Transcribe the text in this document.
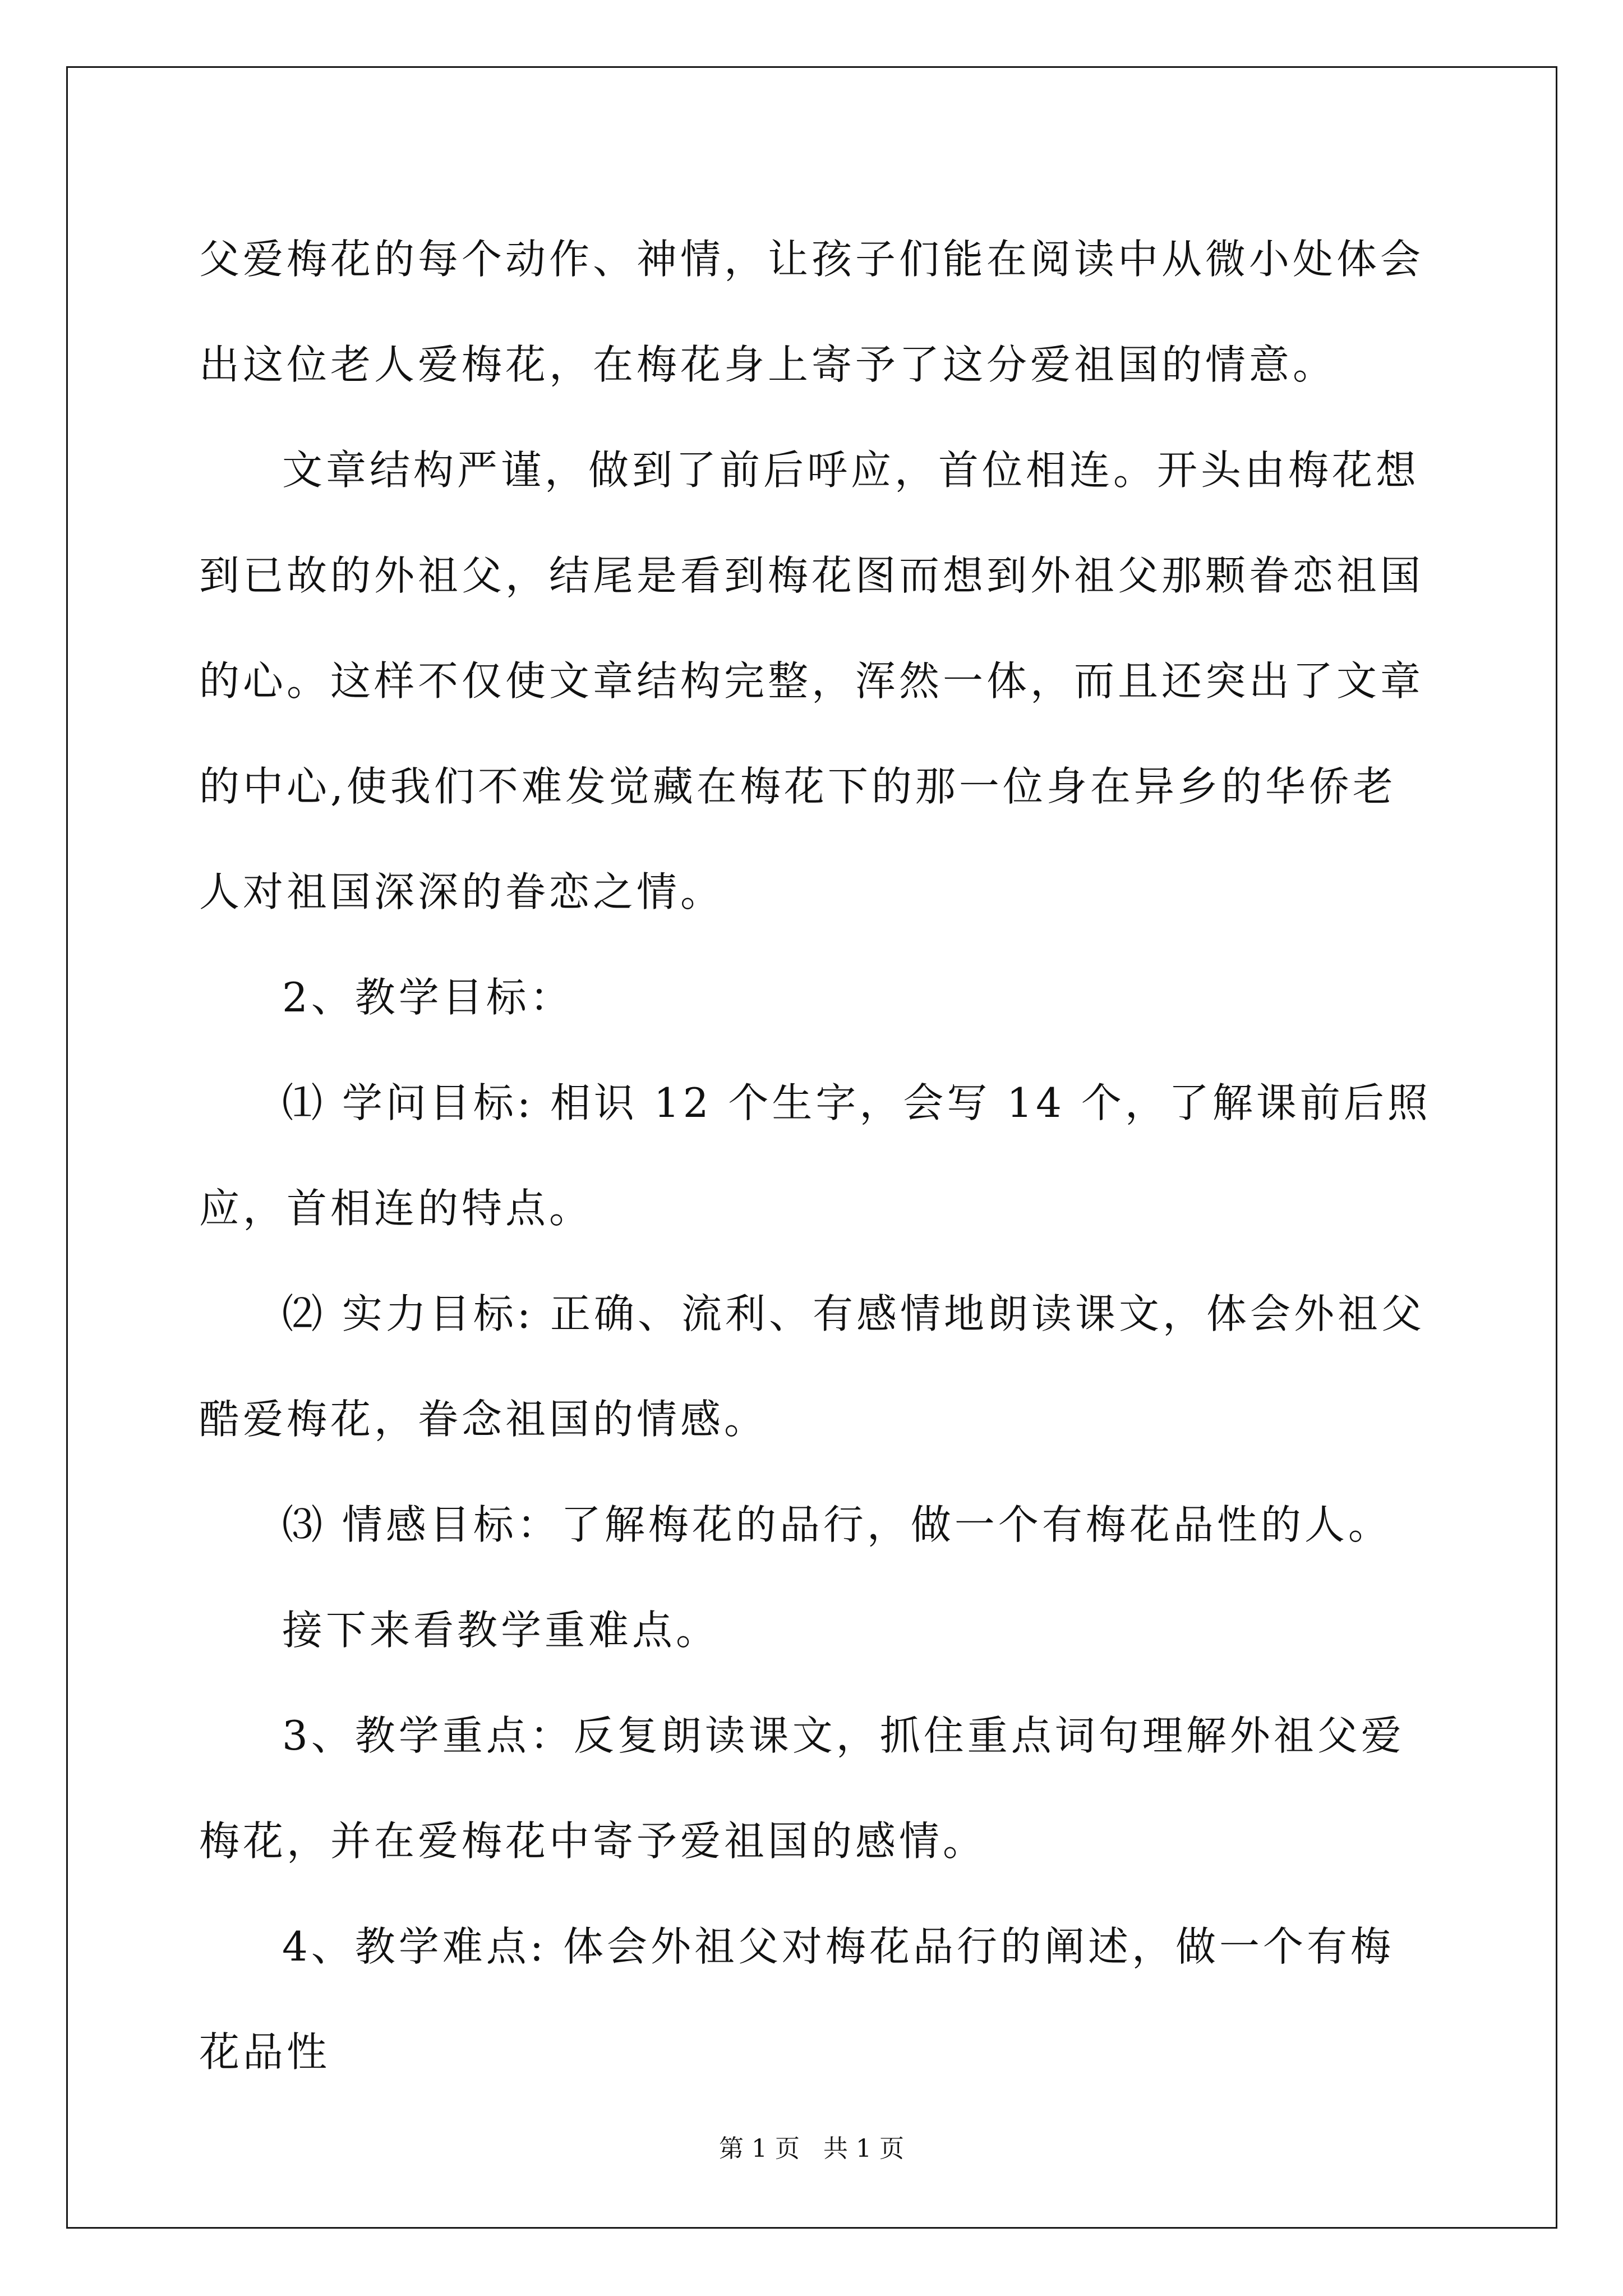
父爱梅花的每个动作、神情，让孩子们能在阅读中从微小处体会出这位老人爱梅花，在梅花身上寄予了这分爱祖国的情意。

文章结构严谨，做到了前后呼应，首位相连。开头由梅花想到已故的外祖父，结尾是看到梅花图而想到外祖父那颗眷恋祖国的心。这样不仅使文章结构完整，浑然一体，而且还突出了文章的中心,使我们不难发觉藏在梅花下的那一位身在异乡的华侨老人对祖国深深的眷恋之情。

2、教学目标：

⑴ 学问目标: 相识 12 个生字，会写 14 个，了解课前后照应，首相连的特点。

⑵ 实力目标: 正确、流利、有感情地朗读课文，体会外祖父酷爱梅花，眷念祖国的情感。

⑶ 情感目标：了解梅花的品行，做一个有梅花品性的人。

接下来看教学重难点。

3、教学重点：反复朗读课文，抓住重点词句理解外祖父爱梅花，并在爱梅花中寄予爱祖国的感情。

4、教学难点: 体会外祖父对梅花品行的阐述，做一个有梅花品性

第 1 页   共 1 页
